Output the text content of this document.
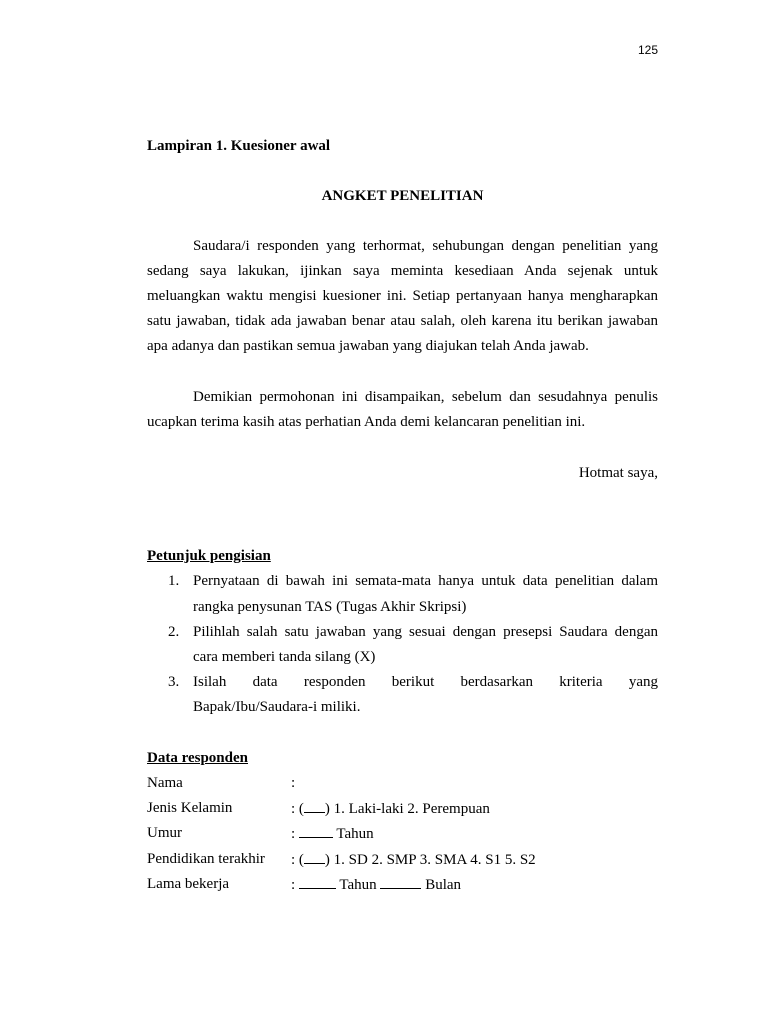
125
Lampiran 1. Kuesioner awal
ANGKET PENELITIAN
Saudara/i responden yang terhormat, sehubungan dengan penelitian yang
sedang saya lakukan, ijinkan saya meminta kesediaan Anda sejenak untuk
meluangkan waktu mengisi kuesioner ini. Setiap pertanyaan hanya mengharapkan
satu jawaban, tidak ada jawaban benar atau salah, oleh karena itu berikan jawaban
apa adanya dan pastikan semua jawaban yang diajukan telah Anda jawab.
Demikian permohonan ini disampaikan, sebelum dan sesudahnya penulis
ucapkan terima kasih atas perhatian Anda demi kelancaran penelitian ini.
Hotmat saya,
Petunjuk pengisian
1. Pernyataan di bawah ini semata-mata hanya untuk data penelitian dalam
rangka penysunan TAS (Tugas Akhir Skripsi)
2. Pilihlah salah satu jawaban yang sesuai dengan presepsi Saudara dengan
cara memberi tanda silang (X)
3. Isilah data responden berikut berdasarkan kriteria yang
Bapak/Ibu/Saudara-i miliki.
Data responden
Nama	:
Jenis Kelamin	: ( ) 1. Laki-laki 2. Perempuan
Umur	:	Tahun
Pendidikan terakhir : ( ) 1. SD 2. SMP 3. SMA 4. S1 5. S2
Lama bekerja	:	Tahun	Bulan
